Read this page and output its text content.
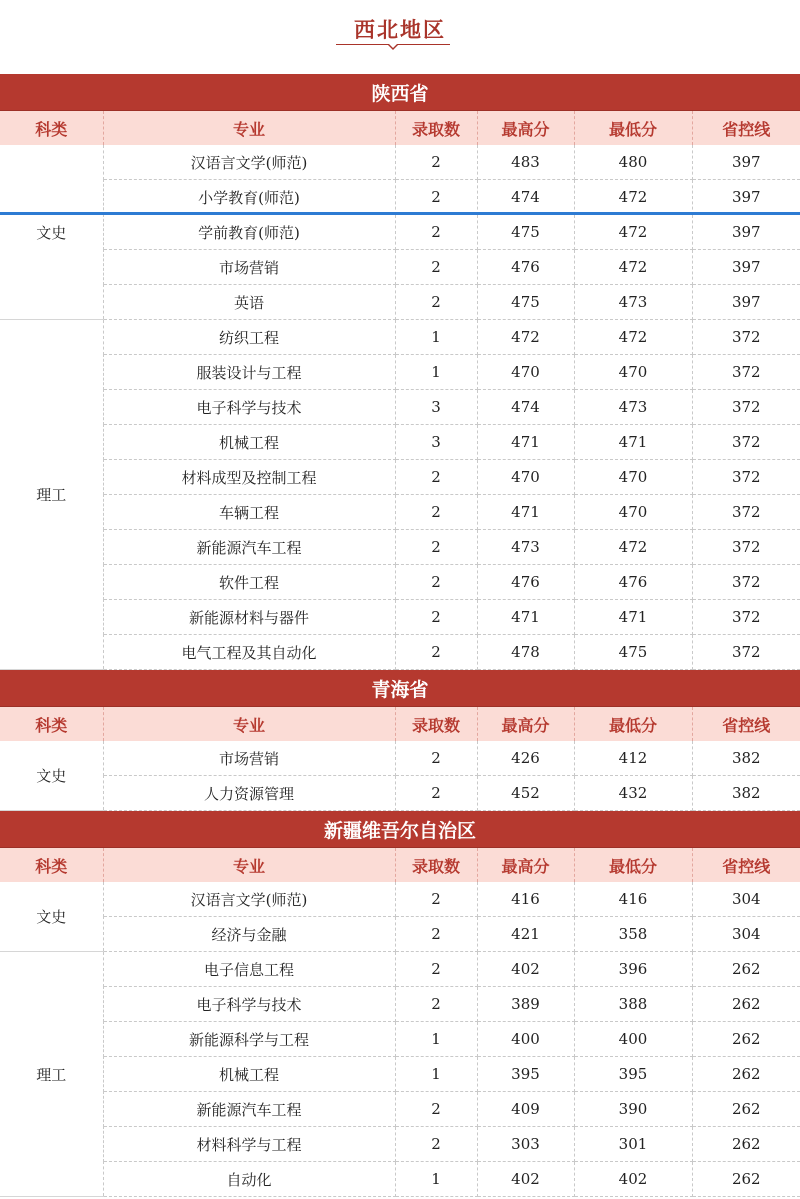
西北地区
陕西省					
科类	专业	录取数	最高分	最低分	省控线
文史	汉语言文学(师范)	2	483	480	397
	小学教育(师范)	2	474	472	397
	学前教育(师范)	2	475	472	397
	市场营销	2	476	472	397
	英语	2	475	473	397
理工	纺织工程	1	472	472	372
	服装设计与工程	1	470	470	372
	电子科学与技术	3	474	473	372
	机械工程	3	471	471	372
	材料成型及控制工程	2	470	470	372
	车辆工程	2	471	470	372
	新能源汽车工程	2	473	472	372
	软件工程	2	476	476	372
	新能源材料与器件	2	471	471	372
	电气工程及其自动化	2	478	475	372
青海省					
科类	专业	录取数	最高分	最低分	省控线
文史	市场营销	2	426	412	382
	人力资源管理	2	452	432	382
新疆维吾尔自治区					
科类	专业	录取数	最高分	最低分	省控线
文史	汉语言文学(师范)	2	416	416	304
	经济与金融	2	421	358	304
理工	电子信息工程	2	402	396	262
	电子科学与技术	2	389	388	262
	新能源科学与工程	1	400	400	262
	机械工程	1	395	395	262
	新能源汽车工程	2	409	390	262
	材料科学与工程	2	303	301	262
	自动化	1	402	402	262
